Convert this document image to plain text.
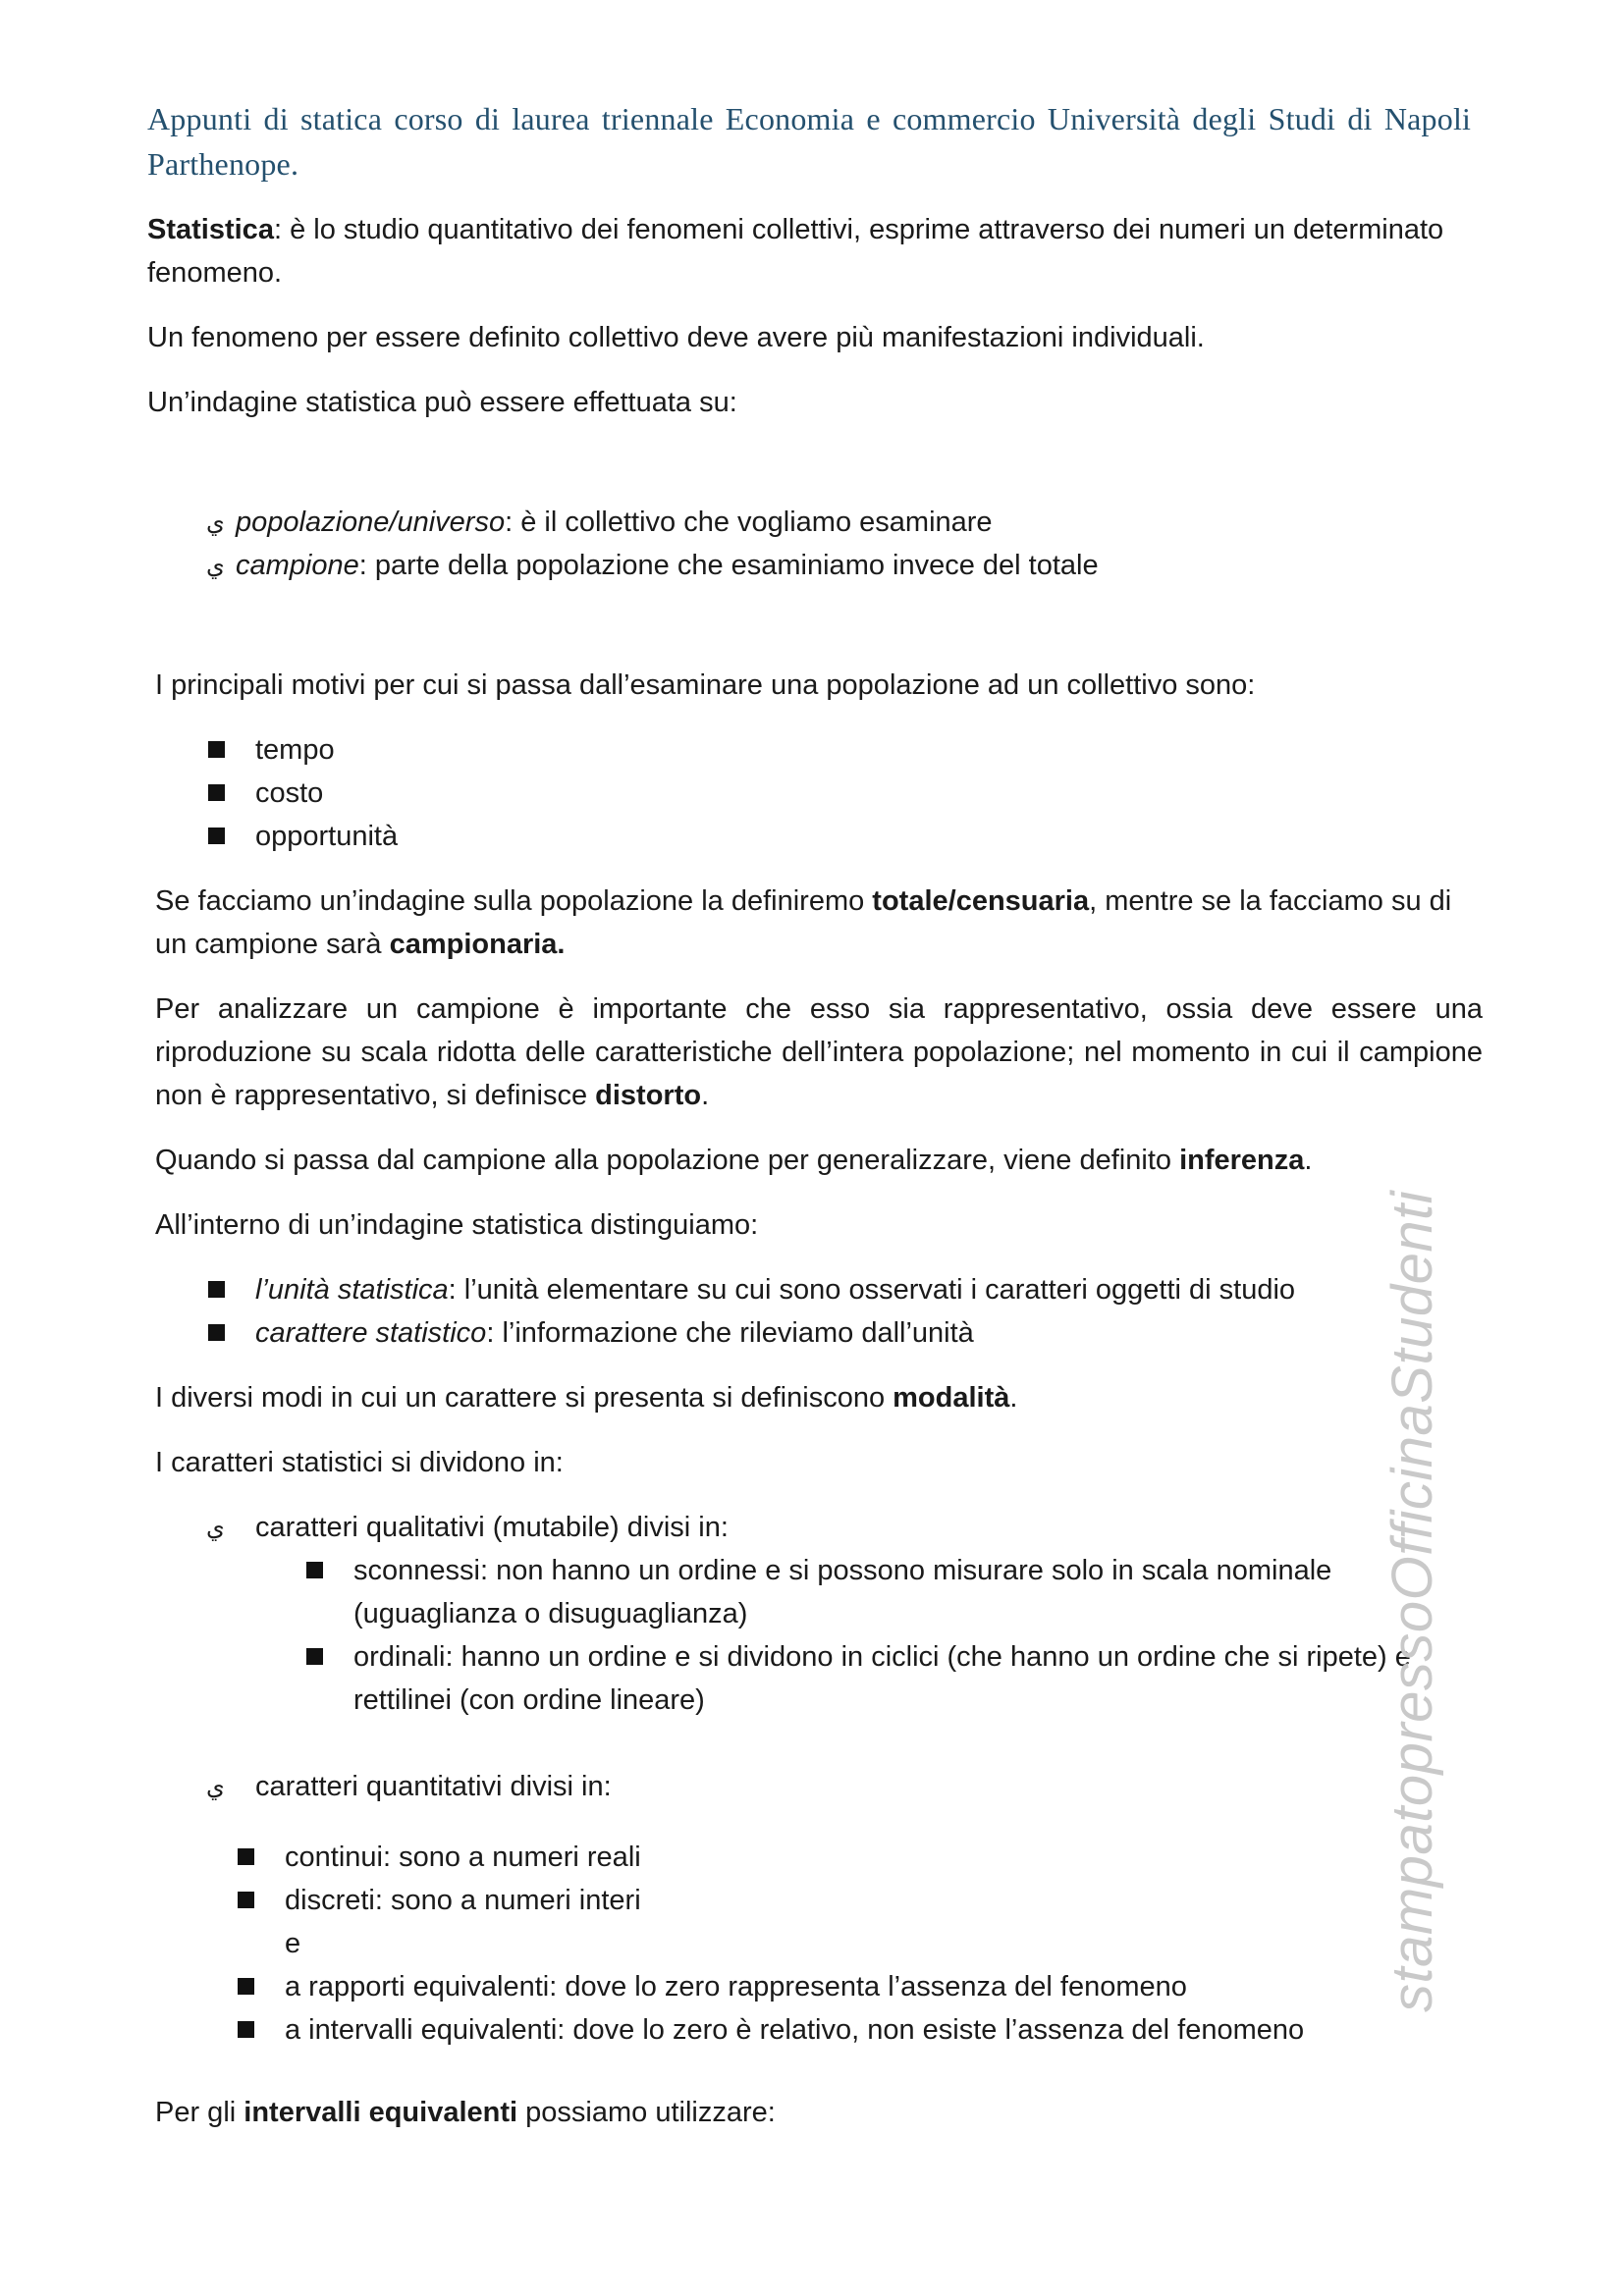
Appunti di statica corso di laurea triennale Economia e commercio Università degli Studi di Napoli Parthenope.

Statistica: è lo studio quantitativo dei fenomeni collettivi, esprime attraverso dei numeri un determinato fenomeno.

Un fenomeno per essere definito collettivo deve avere più manifestazioni individuali.

Un’indagine statistica può essere effettuata su:

ي popolazione/universo: è il collettivo che vogliamo esaminare
ي campione: parte della popolazione che esaminiamo invece del totale

I principali motivi per cui si passa dall’esaminare una popolazione ad un collettivo sono:

tempo
costo
opportunità

Se facciamo un’indagine sulla popolazione la definiremo totale/censuaria, mentre se la facciamo su di un campione sarà campionaria.

Per analizzare un campione è importante che esso sia rappresentativo, ossia deve essere una riproduzione su scala ridotta delle caratteristiche dell’intera popolazione; nel momento in cui il campione non è rappresentativo, si definisce distorto.

Quando si passa dal campione alla popolazione per generalizzare, viene definito inferenza.

All’interno di un’indagine statistica distinguiamo:

l’unità statistica: l’unità elementare su cui sono osservati i caratteri oggetti di studio
carattere statistico: l’informazione che rileviamo dall’unità

I diversi modi in cui un carattere si presenta si definiscono modalità.

I caratteri statistici si dividono in:

ي caratteri qualitativi (mutabile) divisi in:
sconnessi: non hanno un ordine e si possono misurare solo in scala nominale (uguaglianza o disuguaglianza)
ordinali: hanno un ordine e si dividono in ciclici (che hanno un ordine che si ripete) e rettilinei (con ordine lineare)
ي caratteri quantitativi divisi in:
continui: sono a numeri reali
discreti: sono a numeri interi
e
a rapporti equivalenti: dove lo zero rappresenta l’assenza del fenomeno
a intervalli equivalenti: dove lo zero è relativo, non esiste l’assenza del fenomeno

Per gli intervalli equivalenti possiamo utilizzare:

stampatopressoOfficinaStudenti
